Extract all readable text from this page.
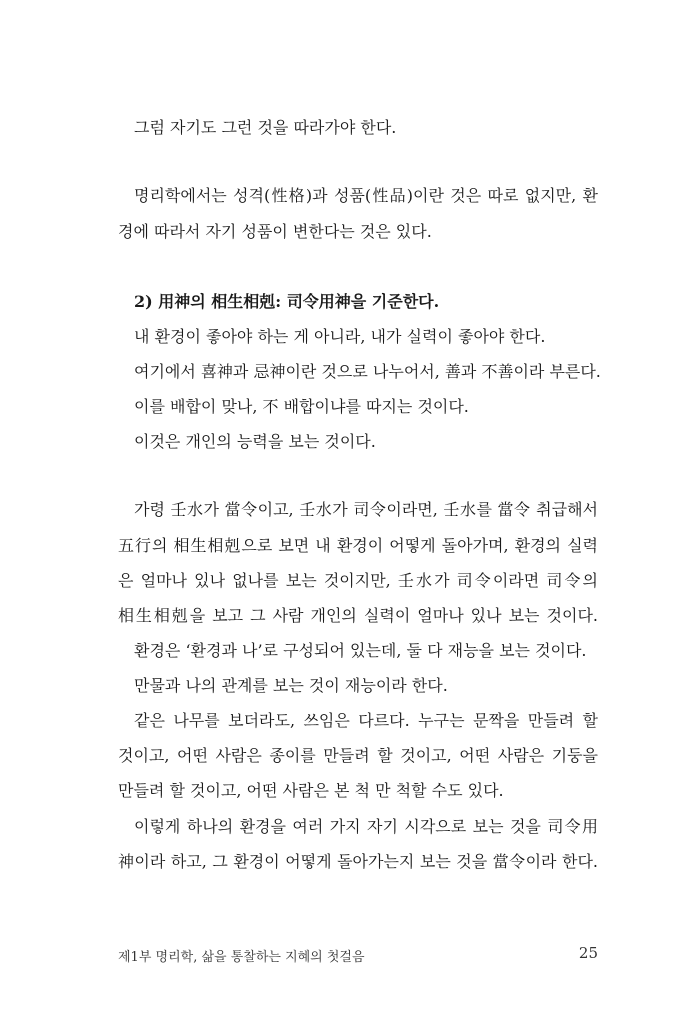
그럼 자기도 그런 것을 따라가야 한다.
명리학에서는 성격(性格)과 성품(性品)이란 것은 따로 없지만, 환
경에 따라서 자기 성품이 변한다는 것은 있다.
2) 用神의 相生相剋: 司令用神을 기준한다.
내 환경이 좋아야 하는 게 아니라, 내가 실력이 좋아야 한다.
여기에서 喜神과 忌神이란 것으로 나누어서, 善과 不善이라 부른다.
이를 배합이 맞나, 不 배합이냐를 따지는 것이다.
이것은 개인의 능력을 보는 것이다.
가령 壬水가 當令이고, 壬水가 司令이라면, 壬水를 當令 취급해서
五行의 相生相剋으로 보면 내 환경이 어떻게 돌아가며, 환경의 실력
은 얼마나 있나 없나를 보는 것이지만, 壬水가 司令이라면 司令의
相生相剋을 보고 그 사람 개인의 실력이 얼마나 있나 보는 것이다.
환경은 ‘환경과 나’로 구성되어 있는데, 둘 다 재능을 보는 것이다.
만물과 나의 관계를 보는 것이 재능이라 한다.
같은 나무를 보더라도, 쓰임은 다르다. 누구는 문짝을 만들려 할
것이고, 어떤 사람은 종이를 만들려 할 것이고, 어떤 사람은 기둥을
만들려 할 것이고, 어떤 사람은 본 척 만 척할 수도 있다.
이렇게 하나의 환경을 여러 가지 자기 시각으로 보는 것을 司令用
神이라 하고, 그 환경이 어떻게 돌아가는지 보는 것을 當令이라 한다.
제1부 명리학, 삶을 통찰하는 지혜의 첫걸음	25
